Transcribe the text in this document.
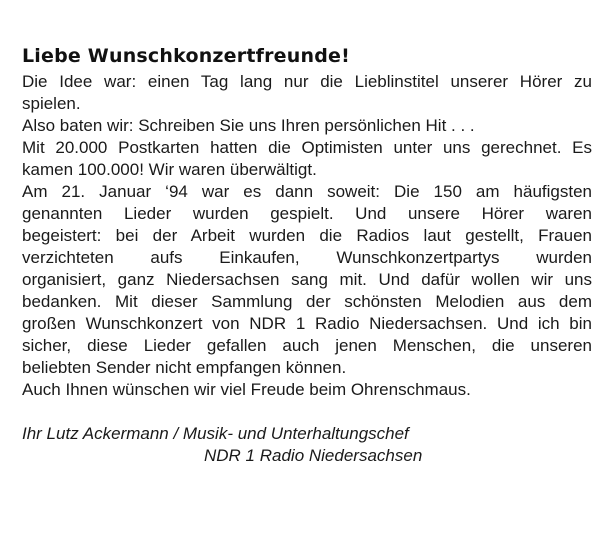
Liebe Wunschkonzertfreunde!
Die Idee war: einen Tag lang nur die Lieblinstitel unserer Hörer zu
spielen.
Also baten wir: Schreiben Sie uns Ihren persönlichen Hit . . .
Mit 20.000 Postkarten hatten die Optimisten unter uns gerechnet. Es
kamen 100.000! Wir waren überwältigt.
Am 21. Januar ‘94 war es dann soweit: Die 150 am häufigsten
genannten Lieder wurden gespielt. Und unsere Hörer waren
begeistert: bei der Arbeit wurden die Radios laut gestellt, Frauen
verzichteten aufs Einkaufen, Wunschkonzertpartys wurden
organisiert, ganz Niedersachsen sang mit. Und dafür wollen wir uns
bedanken. Mit dieser Sammlung der schönsten Melodien aus dem
großen Wunschkonzert von NDR 1 Radio Niedersachsen. Und ich bin
sicher, diese Lieder gefallen auch jenen Menschen, die unseren
beliebten Sender nicht empfangen können.
Auch Ihnen wünschen wir viel Freude beim Ohrenschmaus.
Ihr Lutz Ackermann / Musik- und Unterhaltungschef
NDR 1 Radio Niedersachsen
